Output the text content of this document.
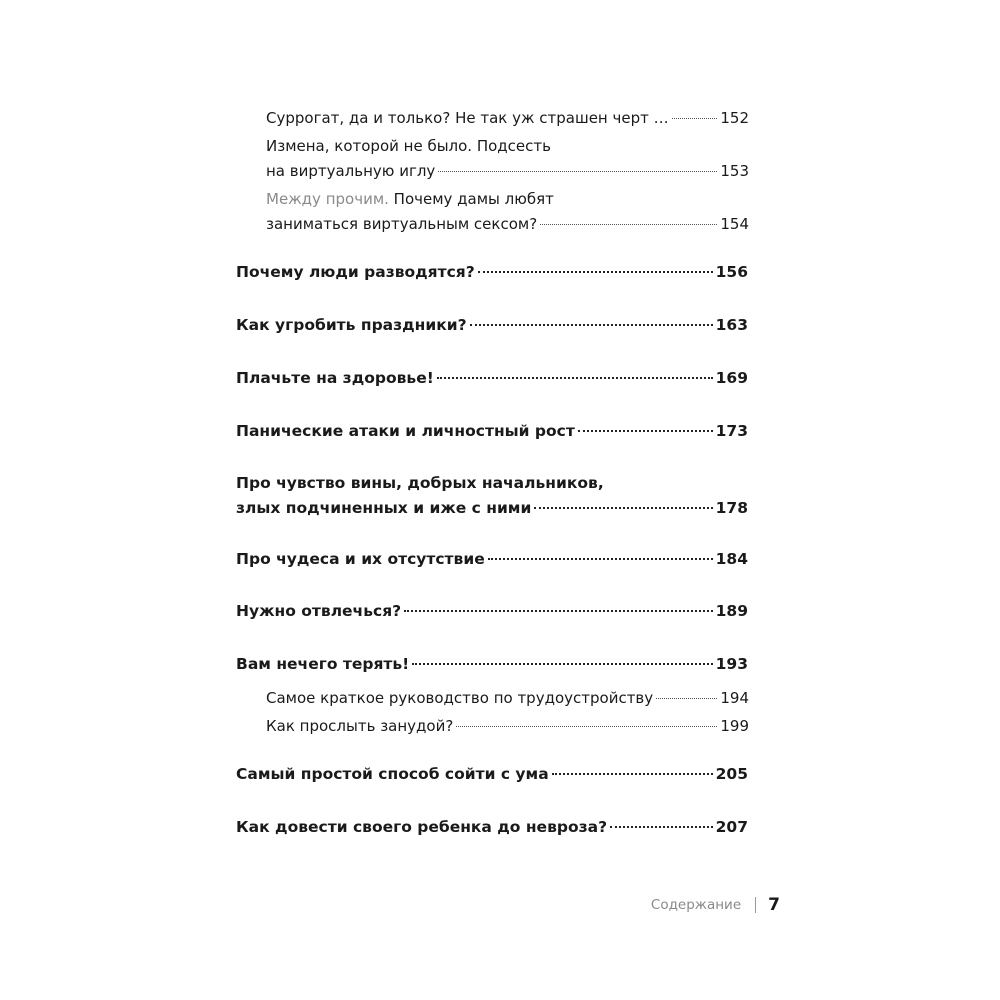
Суррогат, да и только? Не так уж страшен черт …	152
Измена, которой не было. Подсесть
на виртуальную иглу	153
Между прочим. Почему дамы любят
заниматься виртуальным сексом?	154
Почему люди разводятся?	156
Как угробить праздники?	163
Плачьте на здоровье!	169
Панические атаки и личностный рост	173
Про чувство вины, добрых начальников,
злых подчиненных и иже с ними	178
Про чудеса и их отсутствие	184
Нужно отвлечься?	189
Вам нечего терять!	193
Самое краткое руководство по трудоустройству	194
Как прослыть занудой?	199
Самый простой способ сойти с ума	205
Как довести своего ребенка до невроза?	207
Содержание 7
